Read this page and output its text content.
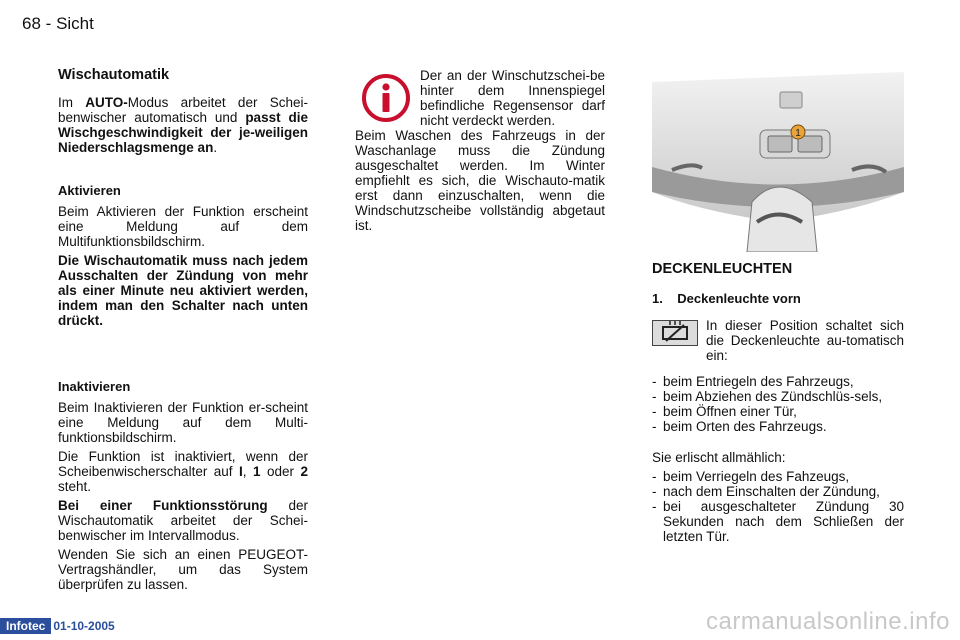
68 - Sicht
Wischautomatik

Im AUTO-Modus arbeitet der Schei-benwischer automatisch und passt die Wischgeschwindigkeit der je-weiligen Niederschlagsmenge an.

Aktivieren

Beim Aktivieren der Funktion erscheint eine Meldung auf dem Multifunktionsbildschirm.

Die Wischautomatik muss nach jedem Ausschalten der Zündung von mehr als einer Minute neu aktiviert werden, indem man den Schalter nach unten drückt.

Inaktivieren

Beim Inaktivieren der Funktion er-scheint eine Meldung auf dem Multi-funktionsbildschirm.

Die Funktion ist inaktiviert, wenn der Scheibenwischerschalter auf I, 1 oder 2 steht.

Bei einer Funktionsstörung der Wischautomatik arbeitet der Schei-benwischer im Intervallmodus.

Wenden Sie sich an einen PEUGEOT-Vertragshändler, um das System überprüfen zu lassen.

Der an der Winschutzschei-be hinter dem Innenspiegel befindliche Regensensor darf nicht verdeckt werden.

Beim Waschen des Fahrzeugs in der Waschanlage muss die Zündung ausgeschaltet werden. Im Winter empfiehlt es sich, die Wischauto-matik erst dann einzuschalten, wenn die Windschutzscheibe vollständig abgetaut ist.

1
DECKENLEUCHTEN
1. Deckenleuchte vorn

In dieser Position schaltet sich die Deckenleuchte au-tomatisch ein:

- beim Entriegeln des Fahrzeugs,
- beim Abziehen des Zündschlüs-sels,
- beim Öffnen einer Tür,
- beim Orten des Fahrzeugs.

Sie erlischt allmählich:

- beim Verriegeln des Fahzeugs,
- nach dem Einschalten der Zündung,
- bei ausgeschalteter Zündung 30 Sekunden nach dem Schließen der letzten Tür.
Infotec 01-10-2005	carmanualsonline.info
